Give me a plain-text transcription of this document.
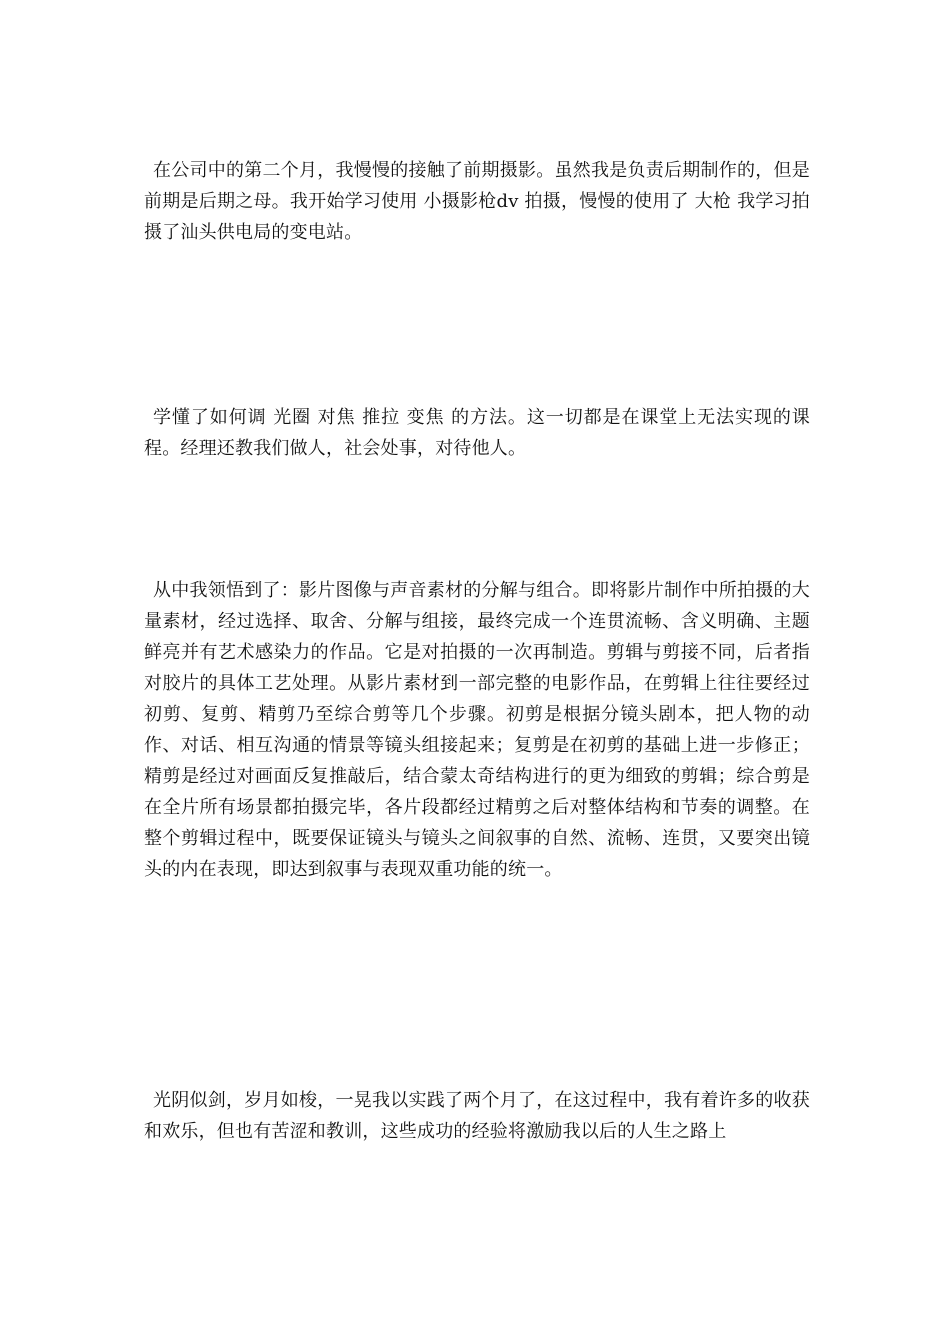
在公司中的第二个月，我慢慢的接触了前期摄影。虽然我是负责后期制作的，但是前期是后期之母。我开始学习使用 小摄影枪dv 拍摄，慢慢的使用了 大枪 我学习拍摄了汕头供电局的变电站。

学懂了如何调 光圈 对焦 推拉 变焦 的方法。这一切都是在课堂上无法实现的课程。经理还教我们做人，社会处事，对待他人。

从中我领悟到了：影片图像与声音素材的分解与组合。即将影片制作中所拍摄的大量素材，经过选择、取舍、分解与组接，最终完成一个连贯流畅、含义明确、主题鲜亮并有艺术感染力的作品。它是对拍摄的一次再制造。剪辑与剪接不同，后者指对胶片的具体工艺处理。从影片素材到一部完整的电影作品，在剪辑上往往要经过初剪、复剪、精剪乃至综合剪等几个步骤。初剪是根据分镜头剧本，把人物的动作、对话、相互沟通的情景等镜头组接起来；复剪是在初剪的基础上进一步修正；精剪是经过对画面反复推敲后，结合蒙太奇结构进行的更为细致的剪辑；综合剪是在全片所有场景都拍摄完毕，各片段都经过精剪之后对整体结构和节奏的调整。在整个剪辑过程中，既要保证镜头与镜头之间叙事的自然、流畅、连贯，又要突出镜头的内在表现，即达到叙事与表现双重功能的统一。

光阴似剑，岁月如梭，一晃我以实践了两个月了，在这过程中，我有着许多的收获和欢乐，但也有苦涩和教训，这些成功的经验将激励我以后的人生之路上
